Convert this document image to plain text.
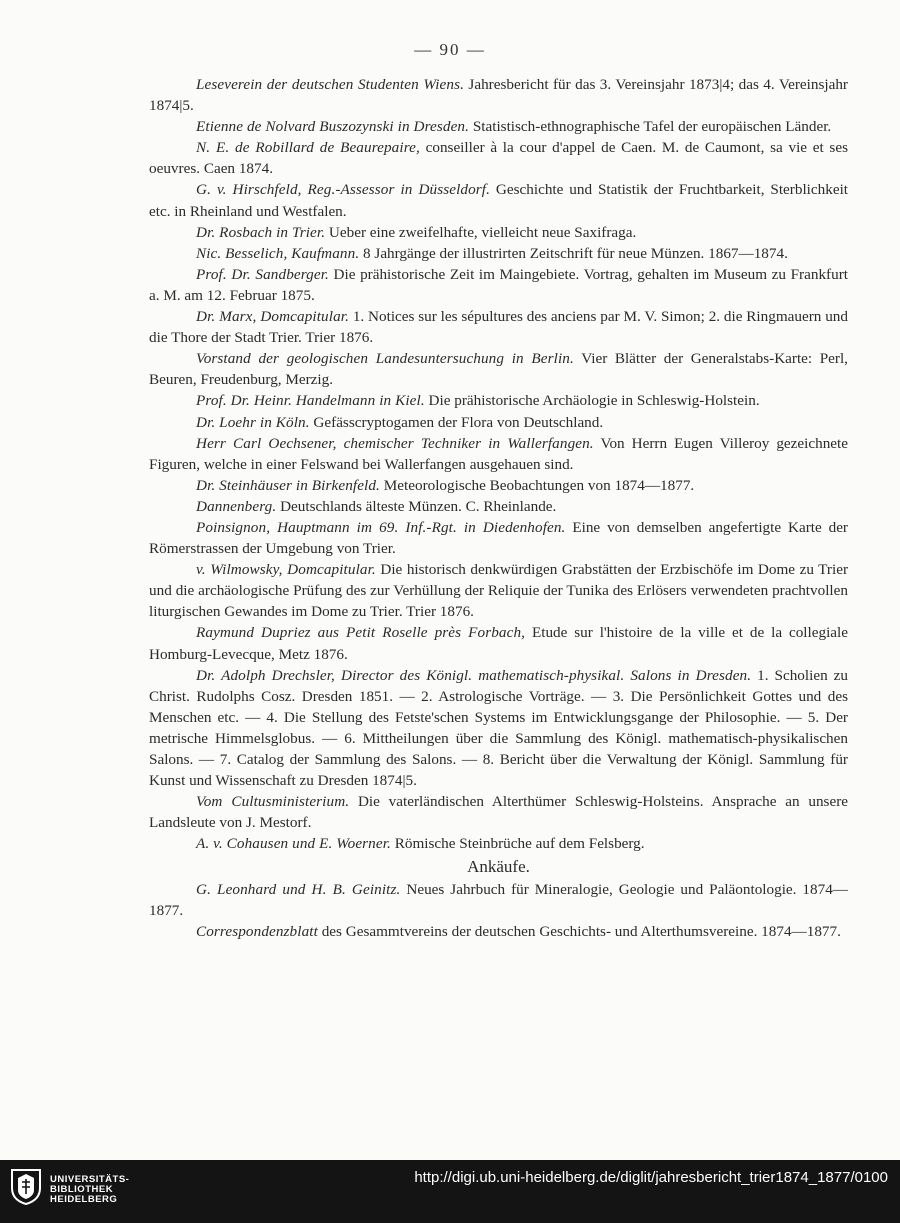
— 90 —

Leseverein der deutschen Studenten Wiens. Jahresbericht für das 3. Vereinsjahr 1873|4; das 4. Vereinsjahr 1874|5.

Etienne de Nolvard Buszozynski in Dresden. Statistisch-ethnographische Tafel der europäischen Länder.

N. E. de Robillard de Beaurepaire, conseiller à la cour d'appel de Caen. M. de Caumont, sa vie et ses oeuvres. Caen 1874.

G. v. Hirschfeld, Reg.-Assessor in Düsseldorf. Geschichte und Statistik der Fruchtbarkeit, Sterblichkeit etc. in Rheinland und Westfalen.

Dr. Rosbach in Trier. Ueber eine zweifelhafte, vielleicht neue Saxifraga.

Nic. Besselich, Kaufmann. 8 Jahrgänge der illustrirten Zeitschrift für neue Münzen. 1867—1874.

Prof. Dr. Sandberger. Die prähistorische Zeit im Maingebiete. Vortrag, gehalten im Museum zu Frankfurt a. M. am 12. Februar 1875.

Dr. Marx, Domcapitular. 1. Notices sur les sépultures des anciens par M. V. Simon; 2. die Ringmauern und die Thore der Stadt Trier. Trier 1876.

Vorstand der geologischen Landesuntersuchung in Berlin. Vier Blätter der Generalstabs-Karte: Perl, Beuren, Freudenburg, Merzig.

Prof. Dr. Heinr. Handelmann in Kiel. Die prähistorische Archäologie in Schleswig-Holstein.

Dr. Loehr in Köln. Gefässcryptogamen der Flora von Deutschland.

Herr Carl Oechsener, chemischer Techniker in Wallerfangen. Von Herrn Eugen Villeroy gezeichnete Figuren, welche in einer Felswand bei Wallerfangen ausgehauen sind.

Dr. Steinhäuser in Birkenfeld. Meteorologische Beobachtungen von 1874—1877.

Dannenberg. Deutschlands älteste Münzen. C. Rheinlande.

Poinsignon, Hauptmann im 69. Inf.-Rgt. in Diedenhofen. Eine von demselben angefertigte Karte der Römerstrassen der Umgebung von Trier.

v. Wilmowsky, Domcapitular. Die historisch denkwürdigen Grabstätten der Erzbischöfe im Dome zu Trier und die archäologische Prüfung des zur Verhüllung der Reliquie der Tunika des Erlösers verwendeten prachtvollen liturgischen Gewandes im Dome zu Trier. Trier 1876.

Raymund Dupriez aus Petit Roselle près Forbach, Etude sur l'histoire de la ville et de la collegiale Homburg-Levecque, Metz 1876.

Dr. Adolph Drechsler, Director des Königl. mathematisch-physikal. Salons in Dresden. 1. Scholien zu Christ. Rudolphs Cosz. Dresden 1851. — 2. Astrologische Vorträge. — 3. Die Persönlichkeit Gottes und des Menschen etc. — 4. Die Stellung des Fetste'schen Systems im Entwicklungsgange der Philosophie. — 5. Der metrische Himmelsglobus. — 6. Mittheilungen über die Sammlung des Königl. mathematisch-physikalischen Salons. — 7. Catalog der Sammlung des Salons. — 8. Bericht über die Verwaltung der Königl. Sammlung für Kunst und Wissenschaft zu Dresden 1874|5.

Vom Cultusministerium. Die vaterländischen Alterthümer Schleswig-Holsteins. Ansprache an unsere Landsleute von J. Mestorf.

A. v. Cohausen und E. Woerner. Römische Steinbrüche auf dem Felsberg.

Ankäufe.

G. Leonhard und H. B. Geinitz. Neues Jahrbuch für Mineralogie, Geologie und Paläontologie. 1874—1877.

Correspondenzblatt des Gesammtvereins der deutschen Geschichts- und Alterthumsvereine. 1874—1877.

UNIVERSITÄTS-
BIBLIOTHEK
HEIDELBERG
http://digi.ub.uni-heidelberg.de/diglit/jahresbericht_trier1874_1877/0100
